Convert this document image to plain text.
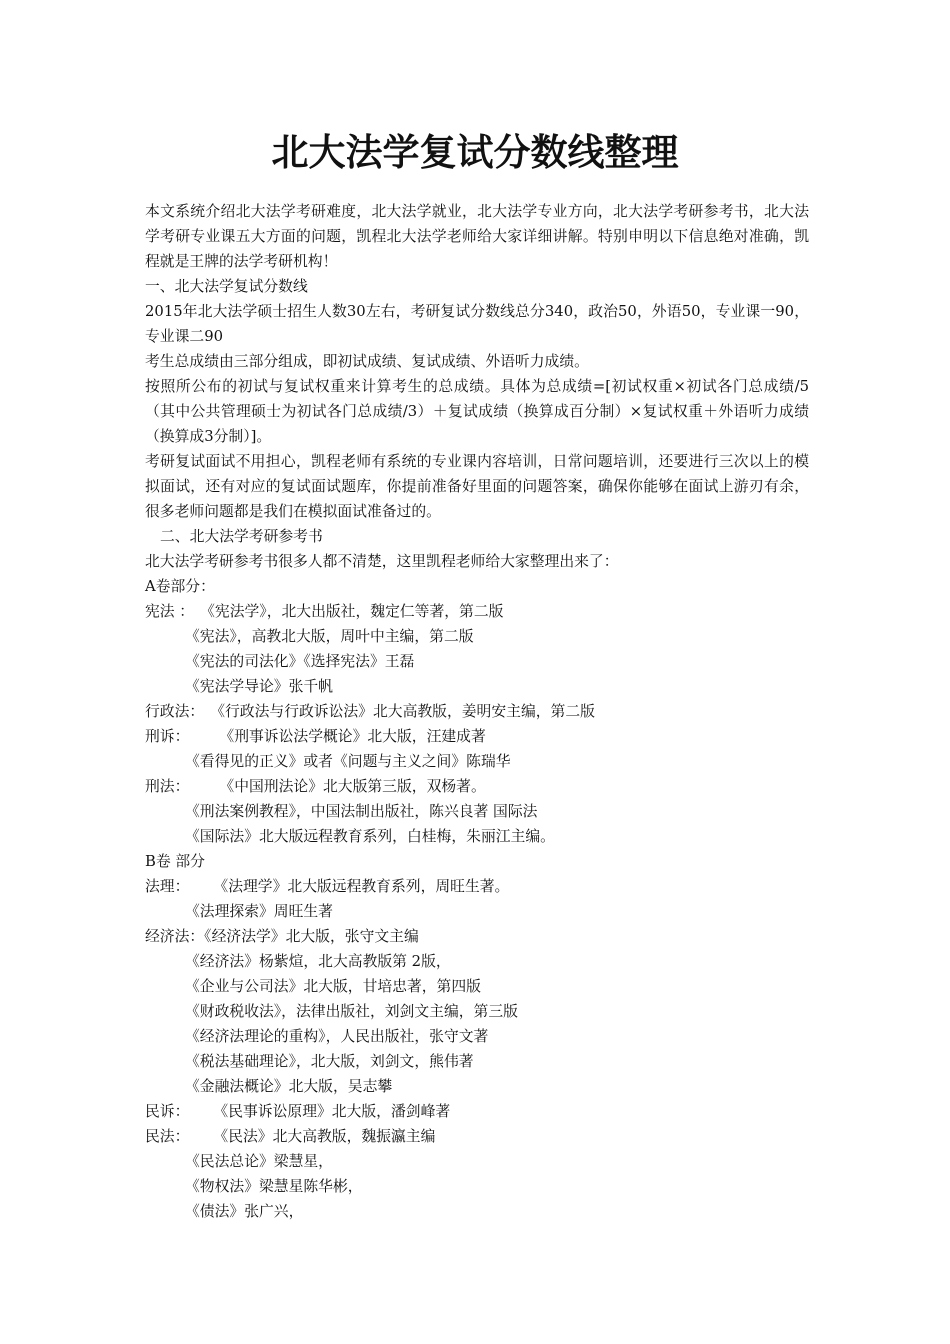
北大法学复试分数线整理

本文系统介绍北大法学考研难度，北大法学就业，北大法学专业方向，北大法学考研参考书，北大法学考研专业课五大方面的问题，凯程北大法学老师给大家详细讲解。特别申明以下信息绝对准确，凯程就是王牌的法学考研机构！

一、北大法学复试分数线

2015年北大法学硕士招生人数30左右，考研复试分数线总分340，政治50，外语50，专业课一90，专业课二90

考生总成绩由三部分组成，即初试成绩、复试成绩、外语听力成绩。

按照所公布的初试与复试权重来计算考生的总成绩。具体为总成绩=[初试权重×初试各门总成绩/5（其中公共管理硕士为初试各门总成绩/3）＋复试成绩（换算成百分制）×复试权重＋外语听力成绩（换算成3分制）]。

考研复试面试不用担心，凯程老师有系统的专业课内容培训，日常问题培训，还要进行三次以上的模拟面试，还有对应的复试面试题库，你提前准备好里面的问题答案，确保你能够在面试上游刃有余，很多老师问题都是我们在模拟面试准备过的。

二、北大法学考研参考书
北大法学考研参考书很多人都不清楚，这里凯程老师给大家整理出来了：
A卷部分：
宪法 ： 《宪法学》，北大出版社，魏定仁等著，第二版
《宪法》，高教北大版，周叶中主编，第二版
《宪法的司法化》《选择宪法》王磊
《宪法学导论》张千帆
行政法： 《行政法与行政诉讼法》北大高教版，姜明安主编，第二版
刑诉： 《刑事诉讼法学概论》北大版，汪建成著
《看得见的正义》或者《问题与主义之间》陈瑞华
刑法： 《中国刑法论》北大版第三版，双杨著。
《刑法案例教程》，中国法制出版社，陈兴良著 国际法
《国际法》北大版远程教育系列，白桂梅，朱丽江主编。
B卷 部分
法理： 《法理学》北大版远程教育系列，周旺生著。
《法理探索》周旺生著
经济法：《经济法学》北大版，张守文主编
《经济法》杨紫煊，北大高教版第 2版，
《企业与公司法》北大版，甘培忠著，第四版
《财政税收法》，法律出版社，刘剑文主编，第三版
《经济法理论的重构》，人民出版社，张守文著
《税法基础理论》，北大版，刘剑文，熊伟著
《金融法概论》北大版，吴志攀
民诉： 《民事诉讼原理》北大版，潘剑峰著
民法： 《民法》北大高教版，魏振瀛主编
《民法总论》梁慧星，
《物权法》梁慧星陈华彬，
《债法》张广兴，
